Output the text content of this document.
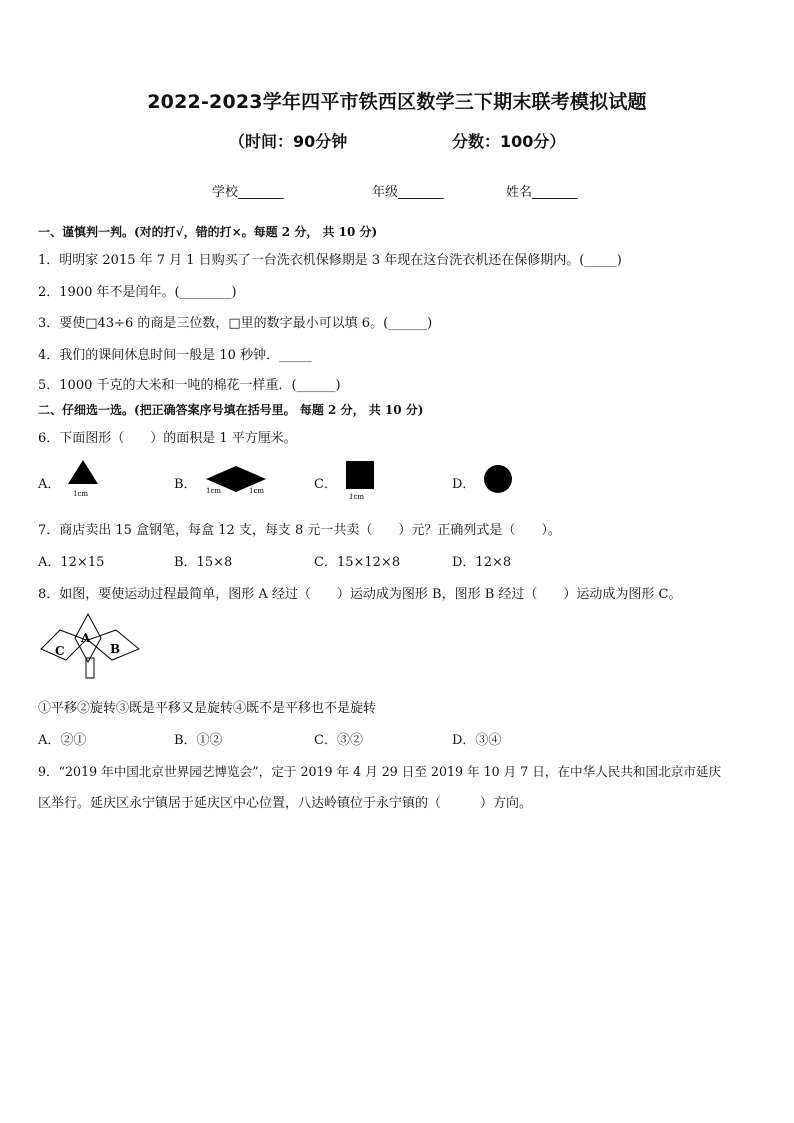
2022-2023学年四平市铁西区数学三下期末联考模拟试题
（时间：90分钟	分数：100分）
学校_______	年级_______	姓名_______
一、谨慎判一判。(对的打√，错的打×。每题 2 分， 共 10 分)
1．明明家 2015 年 7 月 1 日购买了一台洗衣机保修期是 3 年现在这台洗衣机还在保修期内。(_____)
2．1900 年不是闰年。(________)
3．要使□43÷6 的商是三位数，□里的数字最小可以填 6。(______)
4．我们的课间休息时间一般是 10 秒钟．_____
5．1000 千克的大米和一吨的棉花一样重．(______)
二、仔细选一选。(把正确答案序号填在括号里。 每题 2 分， 共 10 分)
6．下面图形（　　）的面积是 1 平方厘米。
A．
1cm
B． 1cm	1cm	C．
1cm
D．
7．商店卖出 15 盒钢笔，每盒 12 支，每支 8 元一共卖（　　）元？正确列式是（　　）。
A．12×15	B．15×8	C．15×12×8	D．12×8
8．如图，要使运动过程最简单，图形 A 经过（　　）运动成为图形 B，图形 B 经过（　　）运动成为图形 C。
A
B
C
①平移②旋转③既是平移又是旋转④既不是平移也不是旋转
A．②①	B．①②	C．③②	D．③④
9．“2019 年中国北京世界园艺博览会”，定于 2019 年 4 月 29 日至 2019 年 10 月 7 日，在中华人民共和国北京市延庆
区举行。延庆区永宁镇居于延庆区中心位置，八达岭镇位于永宁镇的（　　　）方向。
